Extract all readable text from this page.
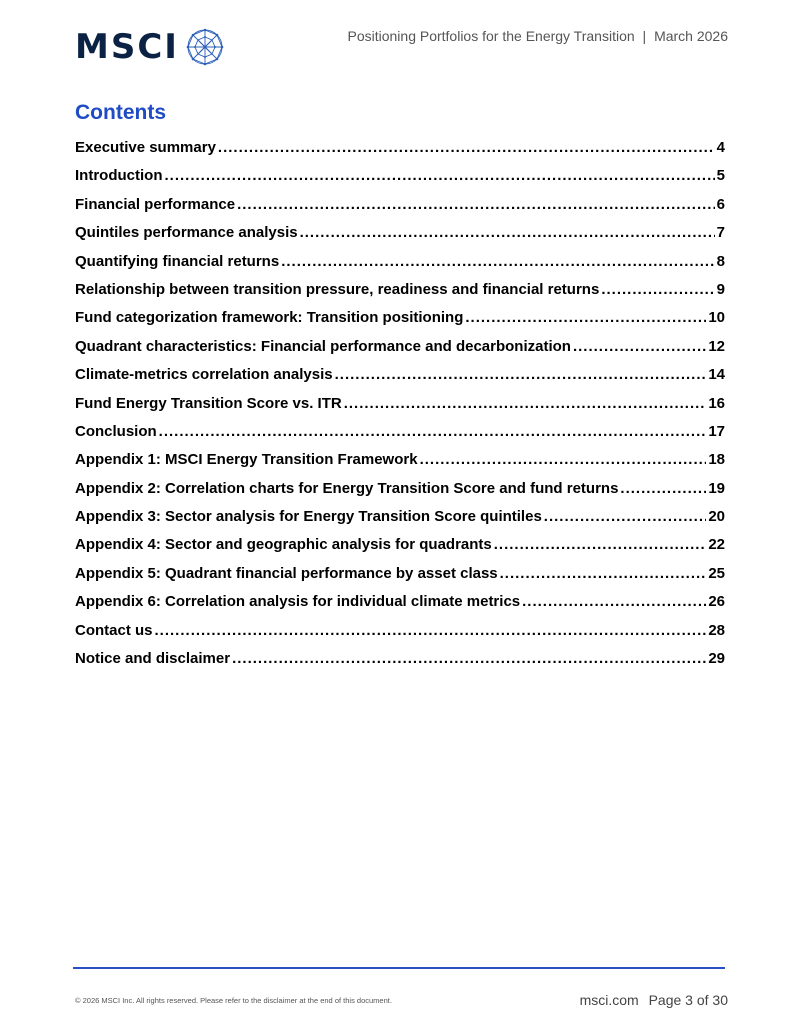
MSCI	Positioning Portfolios for the Energy Transition | March 2026
Contents
Executive summary .....	4
Introduction .....	5
Financial performance .....	6
Quintiles performance analysis .....	7
Quantifying financial returns .....	8
Relationship between transition pressure, readiness and financial returns .....	9
Fund categorization framework: Transition positioning .....	10
Quadrant characteristics: Financial performance and decarbonization .....	12
Climate-metrics correlation analysis .....	14
Fund Energy Transition Score vs. ITR .....	16
Conclusion .....	17
Appendix 1: MSCI Energy Transition Framework .....	18
Appendix 2: Correlation charts for Energy Transition Score and fund returns .....	19
Appendix 3: Sector analysis for Energy Transition Score quintiles .....	20
Appendix 4: Sector and geographic analysis for quadrants .....	22
Appendix 5: Quadrant financial performance by asset class .....	25
Appendix 6: Correlation analysis for individual climate metrics .....	26
Contact us .....	28
Notice and disclaimer .....	29
© 2026 MSCI Inc. All rights reserved. Please refer to the disclaimer at the end of this document.	msci.com Page 3 of 30
